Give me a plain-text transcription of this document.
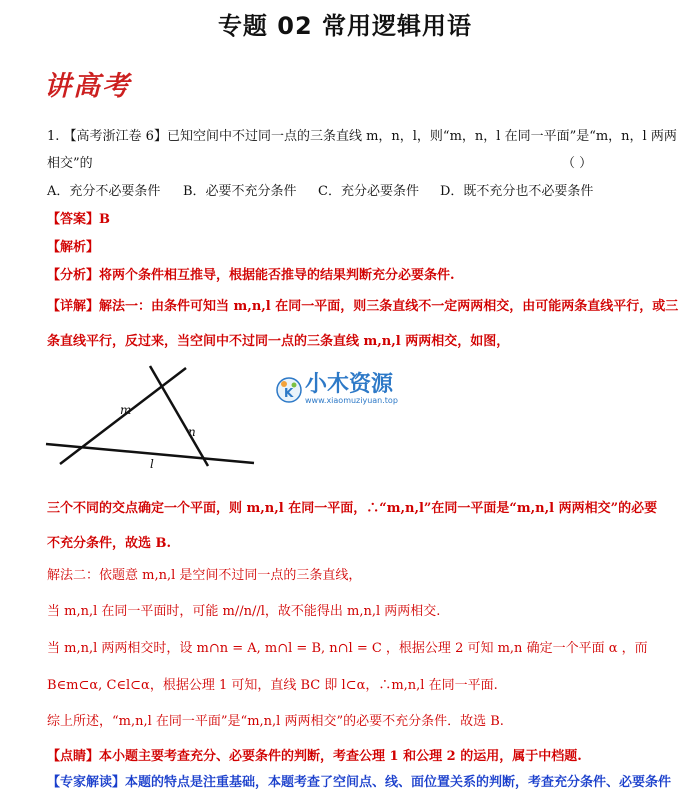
专题 02 常用逻辑用语
讲高考
1. 【高考浙江卷 6】已知空间中不过同一点的三条直线 m，n，l，则“m，n，l 在同一平面”是“m，n，l 两两
相交”的	（ ）
A．充分不必要条件 B．必要不充分条件 C．充分必要条件 D．既不充分也不必要条件
【答案】B
【解析】
【分析】将两个条件相互推导，根据能否推导的结果判断充分必要条件.
【详解】解法一：由条件可知当 m,n,l 在同一平面，则三条直线不一定两两相交，由可能两条直线平行，或三
条直线平行，反过来，当空间中不过同一点的三条直线 m,n,l 两两相交，如图，
m
n
l
K 小木资源
www.xiaomuziyuan.top
三个不同的交点确定一个平面，则 m,n,l 在同一平面，∴“m,n,l”在同一平面是“m,n,l 两两相交”的必要
不充分条件，故选 B.
解法二：依题意 m,n,l 是空间不过同一点的三条直线，
当 m,n,l 在同一平面时，可能 m//n//l，故不能得出 m,n,l 两两相交.
当 m,n,l 两两相交时，设 m∩n = A, m∩l = B, n∩l = C ，根据公理 2 可知 m,n 确定一个平面 α ，而
B∈m⊂α, C∈l⊂α，根据公理 1 可知，直线 BC 即 l⊂α，∴m,n,l 在同一平面.
综上所述，“m,n,l 在同一平面”是“m,n,l 两两相交”的必要不充分条件．故选 B.
【点睛】本小题主要考查充分、必要条件的判断，考查公理 1 和公理 2 的运用，属于中档题.
【专家解读】本题的特点是注重基础，本题考查了空间点、线、面位置关系的判断，考查充分条件、必要条件
